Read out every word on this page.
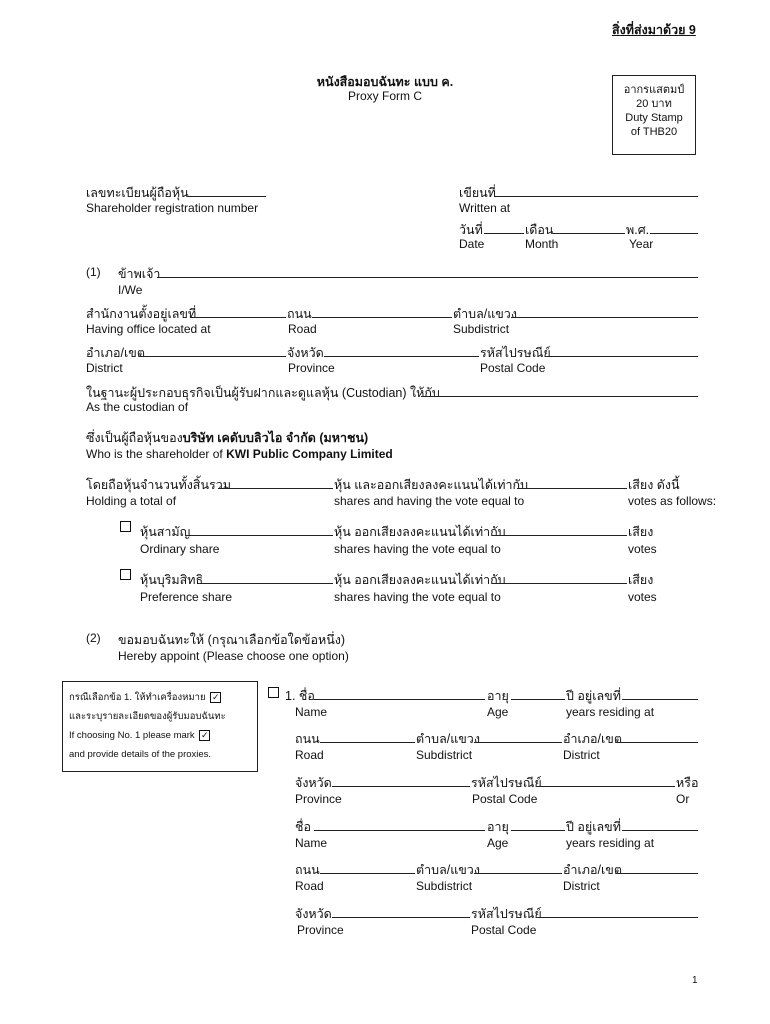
สิ่งที่ส่งมาด้วย 9
หนังสือมอบฉันทะ แบบ ค.
Proxy Form C	อากรแสตมป์
20 บาท
Duty Stamp
of THB20
เลขทะเบียนผู้ถือหุ้น
Shareholder registration number
เขียนที่
Written at
วันที่	เดือน	พ.ศ.
Date	Month	Year
(1) ข้าพเจ้า
I/We
สำนักงานตั้งอยู่เลขที่	ถนน	ตำบล/แขวง
Having office located at	Road	Subdistrict
อำเภอ/เขต	จังหวัด	รหัสไปรษณีย์
District	Province	Postal Code
ในฐานะผู้ประกอบธุรกิจเป็นผู้รับฝากและดูแลหุ้น (Custodian) ให้กับ
As the custodian of
ซึ่งเป็นผู้ถือหุ้นของบริษัท เคดับบลิวไอ จำกัด (มหาชน)
Who is the shareholder of KWI Public Company Limited
โดยถือหุ้นจำนวนทั้งสิ้นรวม	หุ้น และออกเสียงลงคะแนนได้เท่ากับ	เสียง ดังนี้
Holding a total of	shares and having the vote equal to	votes as follows:
หุ้นสามัญ	หุ้น ออกเสียงลงคะแนนได้เท่ากับ	เสียง
Ordinary share	shares having the vote equal to	votes
หุ้นบุริมสิทธิ	หุ้น ออกเสียงลงคะแนนได้เท่ากับ	เสียง
Preference share	shares having the vote equal to	votes
(2) ขอมอบฉันทะให้ (กรุณาเลือกข้อใดข้อหนึ่ง)
Hereby appoint (Please choose one option)
กรณีเลือกข้อ 1. ให้ทำเครื่องหมาย ✓
และระบุรายละเอียดของผู้รับมอบฉันทะ
If choosing No. 1 please mark ✓
and provide details of the proxies.
1. ชื่อ	อายุ	ปี อยู่เลขที่
Name	Age	years residing at
ถนน	ตำบล/แขวง	อำเภอ/เขต
Road	Subdistrict	District
จังหวัด	รหัสไปรษณีย์	หรือ
Province	Postal Code	Or
ชื่อ	อายุ	ปี อยู่เลขที่
Name	Age	years residing at
ถนน	ตำบล/แขวง	อำเภอ/เขต
Road	Subdistrict	District
จังหวัด	รหัสไปรษณีย์
Province	Postal Code
1
